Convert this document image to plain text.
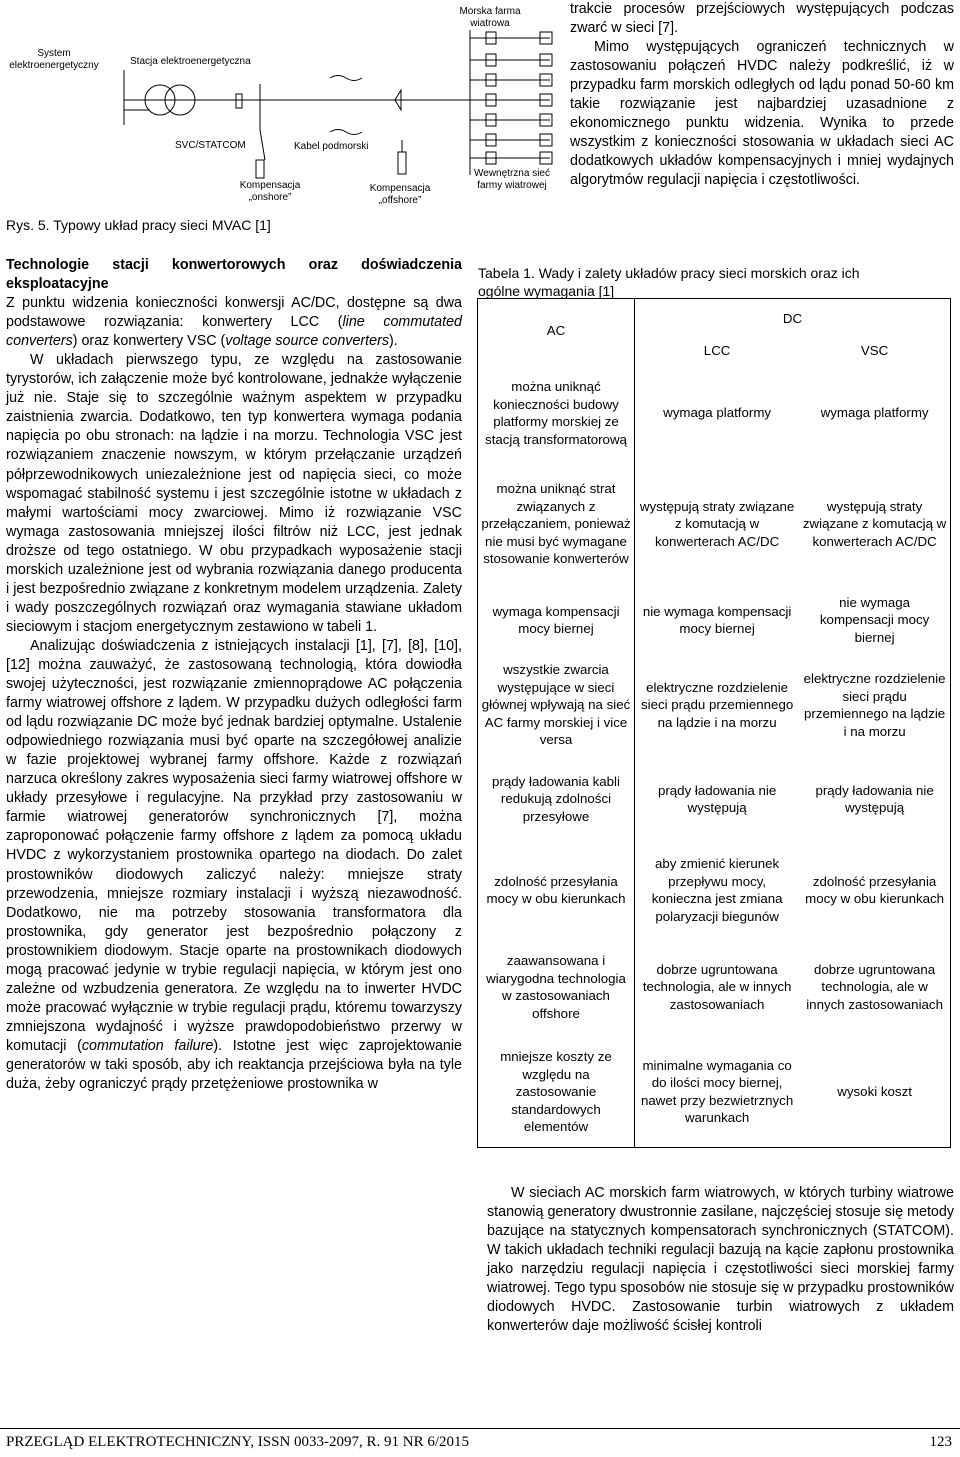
System
elektroenergetyczny	Stacja elektroenergetyczna
SVC/STATCOM	Kabel podmorski
Morska farma
wiatrowa
Kompensacja
„onshore”
Kompensacja
„offshore”
Wewnętrzna sieć
farmy wiatrowej
Rys. 5. Typowy układ pracy sieci MVAC [1]

trakcie procesów przejściowych występujących podczas zwarć w sieci [7].

Mimo występujących ograniczeń technicznych w zastosowaniu połączeń HVDC należy podkreślić, iż w przypadku farm morskich odległych od lądu ponad 50-60 km takie rozwiązanie jest najbardziej uzasadnione z ekonomicznego punktu widzenia. Wynika to przede wszystkim z konieczności stosowania w układach sieci AC dodatkowych układów kompensacyjnych i mniej wydajnych algorytmów regulacji napięcia i częstotliwości.

Technologie stacji konwertorowych oraz doświadczenia eksploatacyjne

Z punktu widzenia konieczności konwersji AC/DC, dostępne są dwa podstawowe rozwiązania: konwertery LCC (line commutated converters) oraz konwertery VSC (voltage source converters).

W układach pierwszego typu, ze względu na zastosowanie tyrystorów, ich załączenie może być kontrolowane, jednakże wyłączenie już nie. Staje się to szczególnie ważnym aspektem w przypadku zaistnienia zwarcia. Dodatkowo, ten typ konwertera wymaga podania napięcia po obu stronach: na lądzie i na morzu. Technologia VSC jest rozwiązaniem znaczenie nowszym, w którym przełączanie urządzeń półprzewodnikowych uniezależnione jest od napięcia sieci, co może wspomagać stabilność systemu i jest szczególnie istotne w układach z małymi wartościami mocy zwarciowej. Mimo iż rozwiązanie VSC wymaga zastosowania mniejszej ilości filtrów niż LCC, jest jednak droższe od tego ostatniego. W obu przypadkach wyposażenie stacji morskich uzależnione jest od wybrania rozwiązania danego producenta i jest bezpośrednio związane z konkretnym modelem urządzenia. Zalety i wady poszczególnych rozwiązań oraz wymagania stawiane układom sieciowym i stacjom energetycznym zestawiono w tabeli 1.

Analizując doświadczenia z istniejących instalacji [1], [7], [8], [10], [12] można zauważyć, że zastosowaną technologią, która dowiodła swojej użyteczności, jest rozwiązanie zmiennoprądowe AC połączenia farmy wiatrowej offshore z lądem. W przypadku dużych odległości farm od lądu rozwiązanie DC może być jednak bardziej optymalne. Ustalenie odpowiedniego rozwiązania musi być oparte na szczegółowej analizie w fazie projektowej wybranej farmy offshore. Każde z rozwiązań narzuca określony zakres wyposażenia sieci farmy wiatrowej offshore w układy przesyłowe i regulacyjne. Na przykład przy zastosowaniu w farmie wiatrowej generatorów synchronicznych [7], można zaproponować połączenie farmy offshore z lądem za pomocą układu HVDC z wykorzystaniem prostownika opartego na diodach. Do zalet prostowników diodowych zaliczyć należy: mniejsze straty przewodzenia, mniejsze rozmiary instalacji i wyższą niezawodność. Dodatkowo, nie ma potrzeby stosowania transformatora dla prostownika, gdy generator jest bezpośrednio połączony z prostownikiem diodowym. Stacje oparte na prostownikach diodowych mogą pracować jedynie w trybie regulacji napięcia, w którym jest ono zależne od wzbudzenia generatora. Ze względu na to inwerter HVDC może pracować wyłącznie w trybie regulacji prądu, któremu towarzyszy zmniejszona wydajność i wyższe prawdopodobieństwo przerwy w komutacji (commutation failure). Istotne jest więc zaprojektowanie generatorów w taki sposób, aby ich reaktancja przejściowa była na tyle duża, żeby ograniczyć prądy przetężeniowe prostownika w

Tabela 1. Wady i zalety układów pracy sieci morskich oraz ich ogólne wymagania [1]
AC	DC	
	LCC	VSC
można uniknąć konieczności budowy platformy morskiej ze stacją transformatorową	wymaga platformy	wymaga platformy
można uniknąć strat związanych z przełączaniem, ponieważ nie musi być wymagane stosowanie konwerterów	występują straty związane z komutacją w konwerterach AC/DC	występują straty związane z komutacją w konwerterach AC/DC
wymaga kompensacji mocy biernej	nie wymaga kompensacji mocy biernej	nie wymaga kompensacji mocy biernej
wszystkie zwarcia występujące w sieci głównej wpływają na sieć AC farmy morskiej i vice versa	elektryczne rozdzielenie sieci prądu przemiennego na lądzie i na morzu	elektryczne rozdzielenie sieci prądu przemiennego na lądzie i na morzu
prądy ładowania kabli redukują zdolności przesyłowe	prądy ładowania nie występują	prądy ładowania nie występują
zdolność przesyłania mocy w obu kierunkach	aby zmienić kierunek przepływu mocy, konieczna jest zmiana polaryzacji biegunów	zdolność przesyłania mocy w obu kierunkach
zaawansowana i wiarygodna technologia w zastosowaniach offshore	dobrze ugruntowana technologia, ale w innych zastosowaniach	dobrze ugruntowana technologia, ale w innych zastosowaniach
mniejsze koszty ze względu na zastosowanie standardowych elementów	minimalne wymagania co do ilości mocy biernej, nawet przy bezwietrznych warunkach	wysoki koszt

W sieciach AC morskich farm wiatrowych, w których turbiny wiatrowe stanowią generatory dwustronnie zasilane, najczęściej stosuje się metody bazujące na statycznych kompensatorach synchronicznych (STATCOM). W takich układach techniki regulacji bazują na kącie zapłonu prostownika jako narzędziu regulacji napięcia i częstotliwości sieci morskiej farmy wiatrowej. Tego typu sposobów nie stosuje się w przypadku prostowników diodowych HVDC. Zastosowanie turbin wiatrowych z układem konwerterów daje możliwość ścisłej kontroli

PRZEGLĄD ELEKTROTECHNICZNY, ISSN 0033-2097, R. 91 NR 6/2015	123
